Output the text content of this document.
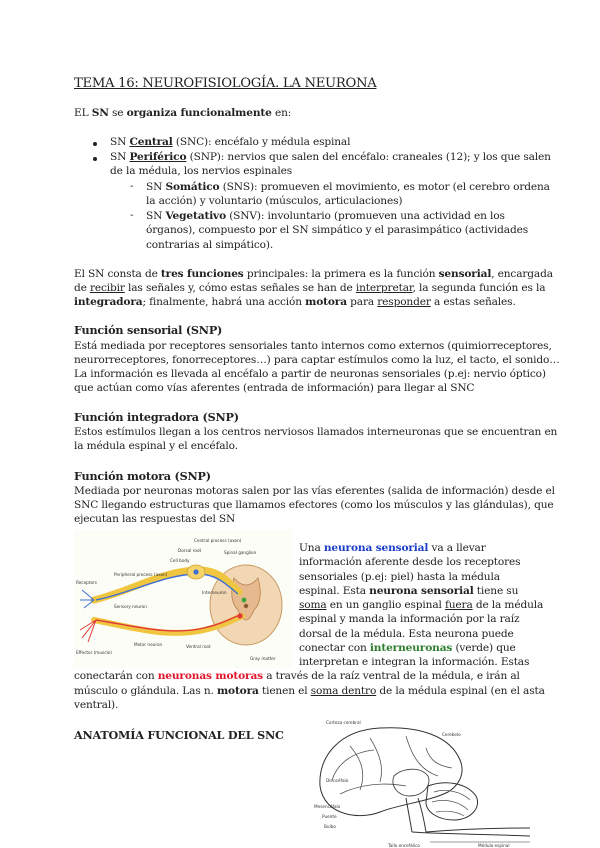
TEMA 16: NEUROFISIOLOGÍA. LA NEURONA
EL SN se organiza funcionalmente en:
SN Central (SNC): encéfalo y médula espinal
SN Periférico (SNP): nervios que salen del encéfalo: craneales (12); y los que salen
de la médula, los nervios espinales
- SN Somático (SNS): promueven el movimiento, es motor (el cerebro ordena
la acción) y voluntario (músculos, articulaciones)
- SN Vegetativo (SNV): involuntario (promueven una actividad en los
órganos), compuesto por el SN simpático y el parasimpático (actividades
contrarias al simpático).
El SN consta de tres funciones principales: la primera es la función sensorial, encargada
de recibir las señales y, cómo estas señales se han de interpretar, la segunda función es la
integradora; finalmente, habrá una acción motora para responder a estas señales.
Función sensorial (SNP)
Está mediada por receptores sensoriales tanto internos como externos (quimiorreceptores,
neurorreceptores, fonorreceptores…) para captar estímulos como la luz, el tacto, el sonido…
La información es llevada al encéfalo a partir de neuronas sensoriales (p.ej: nervio óptico)
que actúan como vías aferentes (entrada de información) para llegar al SNC
Función integradora (SNP)
Estos estímulos llegan a los centros nerviosos llamados interneuronas que se encuentran en
la médula espinal y el encéfalo.
Función motora (SNP)
Mediada por neuronas motoras salen por las vías eferentes (salida de información) desde el
SNC llegando estructuras que llamamos efectores (como los músculos y las glándulas), que
ejecutan las respuestas del SN
Central process (axon)
Dorsal root	Spinal ganglion
Peripheral process (axon)
Receptors
Interneuron
Ventral root
Effector (muscle)
Motor neuron
Cell body
Sensory neuron
Gray matter
Una neurona sensorial va a llevar
información aferente desde los receptores
sensoriales (p.ej: piel) hasta la médula
espinal. Esta neurona sensorial tiene su
soma en un ganglio espinal fuera de la médula
espinal y manda la información por la raíz
dorsal de la médula. Esta neurona puede
conectar con interneuronas (verde) que
interpretan e integran la información. Estas
conectarán con neuronas motoras a través de la raíz ventral de la médula, e irán al
músculo o glándula. Las n. motora tienen el soma dentro de la médula espinal (en el asta
ventral).
ANATOMÍA FUNCIONAL DEL SNC
Corteza cerebral
Cerebelo
Diencéfalo
Mesencéfalo
Puente
Bulbo
Tallo encefálico	Médula espinal
